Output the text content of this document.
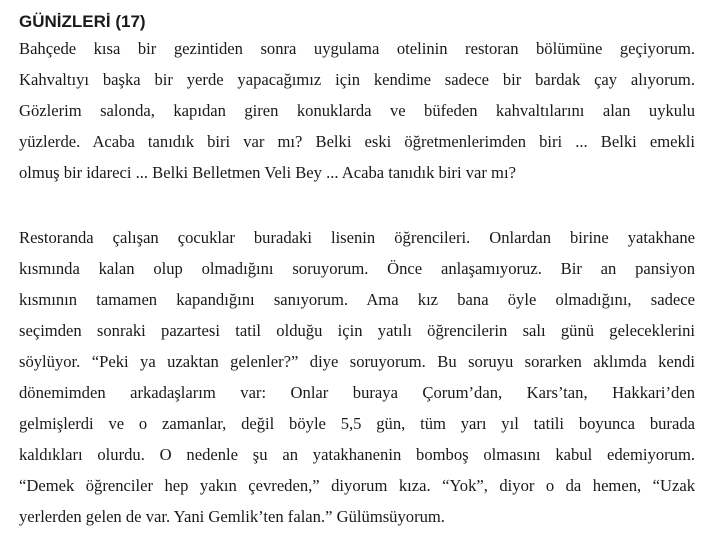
GÜNİZLERİ (17)
Bahçede kısa bir gezintiden sonra uygulama otelinin restoran bölümüne geçiyorum.
Kahvaltıyı başka bir yerde yapacağımız için kendime sadece bir bardak çay alıyorum.
Gözlerim salonda, kapıdan giren konuklarda ve büfeden kahvaltılarını alan uykulu
yüzlerde. Acaba tanıdık biri var mı? Belki eski öğretmenlerimden biri ... Belki emekli
olmuş bir idareci ... Belki Belletmen Veli Bey ... Acaba tanıdık biri var mı?
Restoranda çalışan çocuklar buradaki lisenin öğrencileri. Onlardan birine yatakhane
kısmında kalan olup olmadığını soruyorum. Önce anlaşamıyoruz. Bir an pansiyon
kısmının tamamen kapandığını sanıyorum. Ama kız bana öyle olmadığını, sadece
seçimden sonraki pazartesi tatil olduğu için yatılı öğrencilerin salı günü geleceklerini
söylüyor. “Peki ya uzaktan gelenler?” diye soruyorum. Bu soruyu sorarken aklımda kendi
dönemimden arkadaşlarım var: Onlar buraya Çorum’dan, Kars’tan, Hakkari’den
gelmişlerdi ve o zamanlar, değil böyle 5,5 gün, tüm yarı yıl tatili boyunca burada
kaldıkları olurdu. O nedenle şu an yatakhanenin bomboş olmasını kabul edemiyorum.
“Demek öğrenciler hep yakın çevreden,” diyorum kıza. “Yok”, diyor o da hemen, “Uzak
yerlerden gelen de var. Yani Gemlik’ten falan.” Gülümsüyorum.
